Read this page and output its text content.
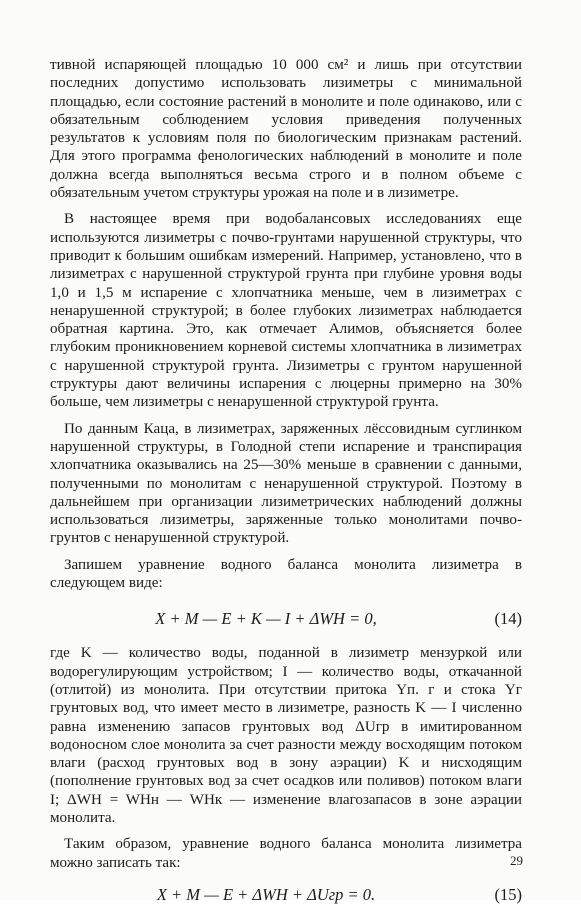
тивной испаряющей площадью 10 000 см² и лишь при отсутствии последних допустимо использовать лизиметры с минимальной площадью, если состояние растений в монолите и поле одинаково, или с обязательным соблюдением условия приведения полученных результатов к условиям поля по биологическим признакам растений. Для этого программа фенологических наблюдений в монолите и поле должна всегда выполняться весьма строго и в полном объеме с обязательным учетом структуры урожая на поле и в лизиметре.

В настоящее время при водобалансовых исследованиях еще используются лизиметры с почво-грунтами нарушенной структуры, что приводит к большим ошибкам измерений. Например, установлено, что в лизиметрах с нарушенной структурой грунта при глубине уровня воды 1,0 и 1,5 м испарение с хлопчатника меньше, чем в лизиметрах с ненарушенной структурой; в более глубоких лизиметрах наблюдается обратная картина. Это, как отмечает Алимов, объясняется более глубоким проникновением корневой системы хлопчатника в лизиметрах с нарушенной структурой грунта. Лизиметры с грунтом нарушенной структуры дают величины испарения с люцерны примерно на 30% больше, чем лизиметры с ненарушенной структурой грунта.

По данным Каца, в лизиметрах, заряженных лёссовидным суглинком нарушенной структуры, в Голодной степи испарение и транспирация хлопчатника оказывались на 25—30% меньше в сравнении с данными, полученными по монолитам с ненарушенной структурой. Поэтому в дальнейшем при организации лизиметрических наблюдений должны использоваться лизиметры, заряженные только монолитами почво-грунтов с ненарушенной структурой.

Запишем уравнение водного баланса монолита лизиметра в следующем виде:

X + M — E + K — I + ΔWH = 0,	(14)

где K — количество воды, поданной в лизиметр мензуркой или водорегулирующим устройством; I — количество воды, откачанной (отлитой) из монолита. При отсутствии притока Yп. г и стока Yг грунтовых вод, что имеет место в лизиметре, разность K — I численно равна изменению запасов грунтовых вод ΔUгр в имитированном водоносном слое монолита за счет разности между восходящим потоком влаги (расход грунтовых вод в зону аэрации) K и нисходящим (пополнение грунтовых вод за счет осадков или поливов) потоком влаги I; ΔWH = WHн — WHк — изменение влагозапасов в зоне аэрации монолита.

Таким образом, уравнение водного баланса монолита лизиметра можно записать так:

X + M — E + ΔWH + ΔUгр = 0.	(15)
29
